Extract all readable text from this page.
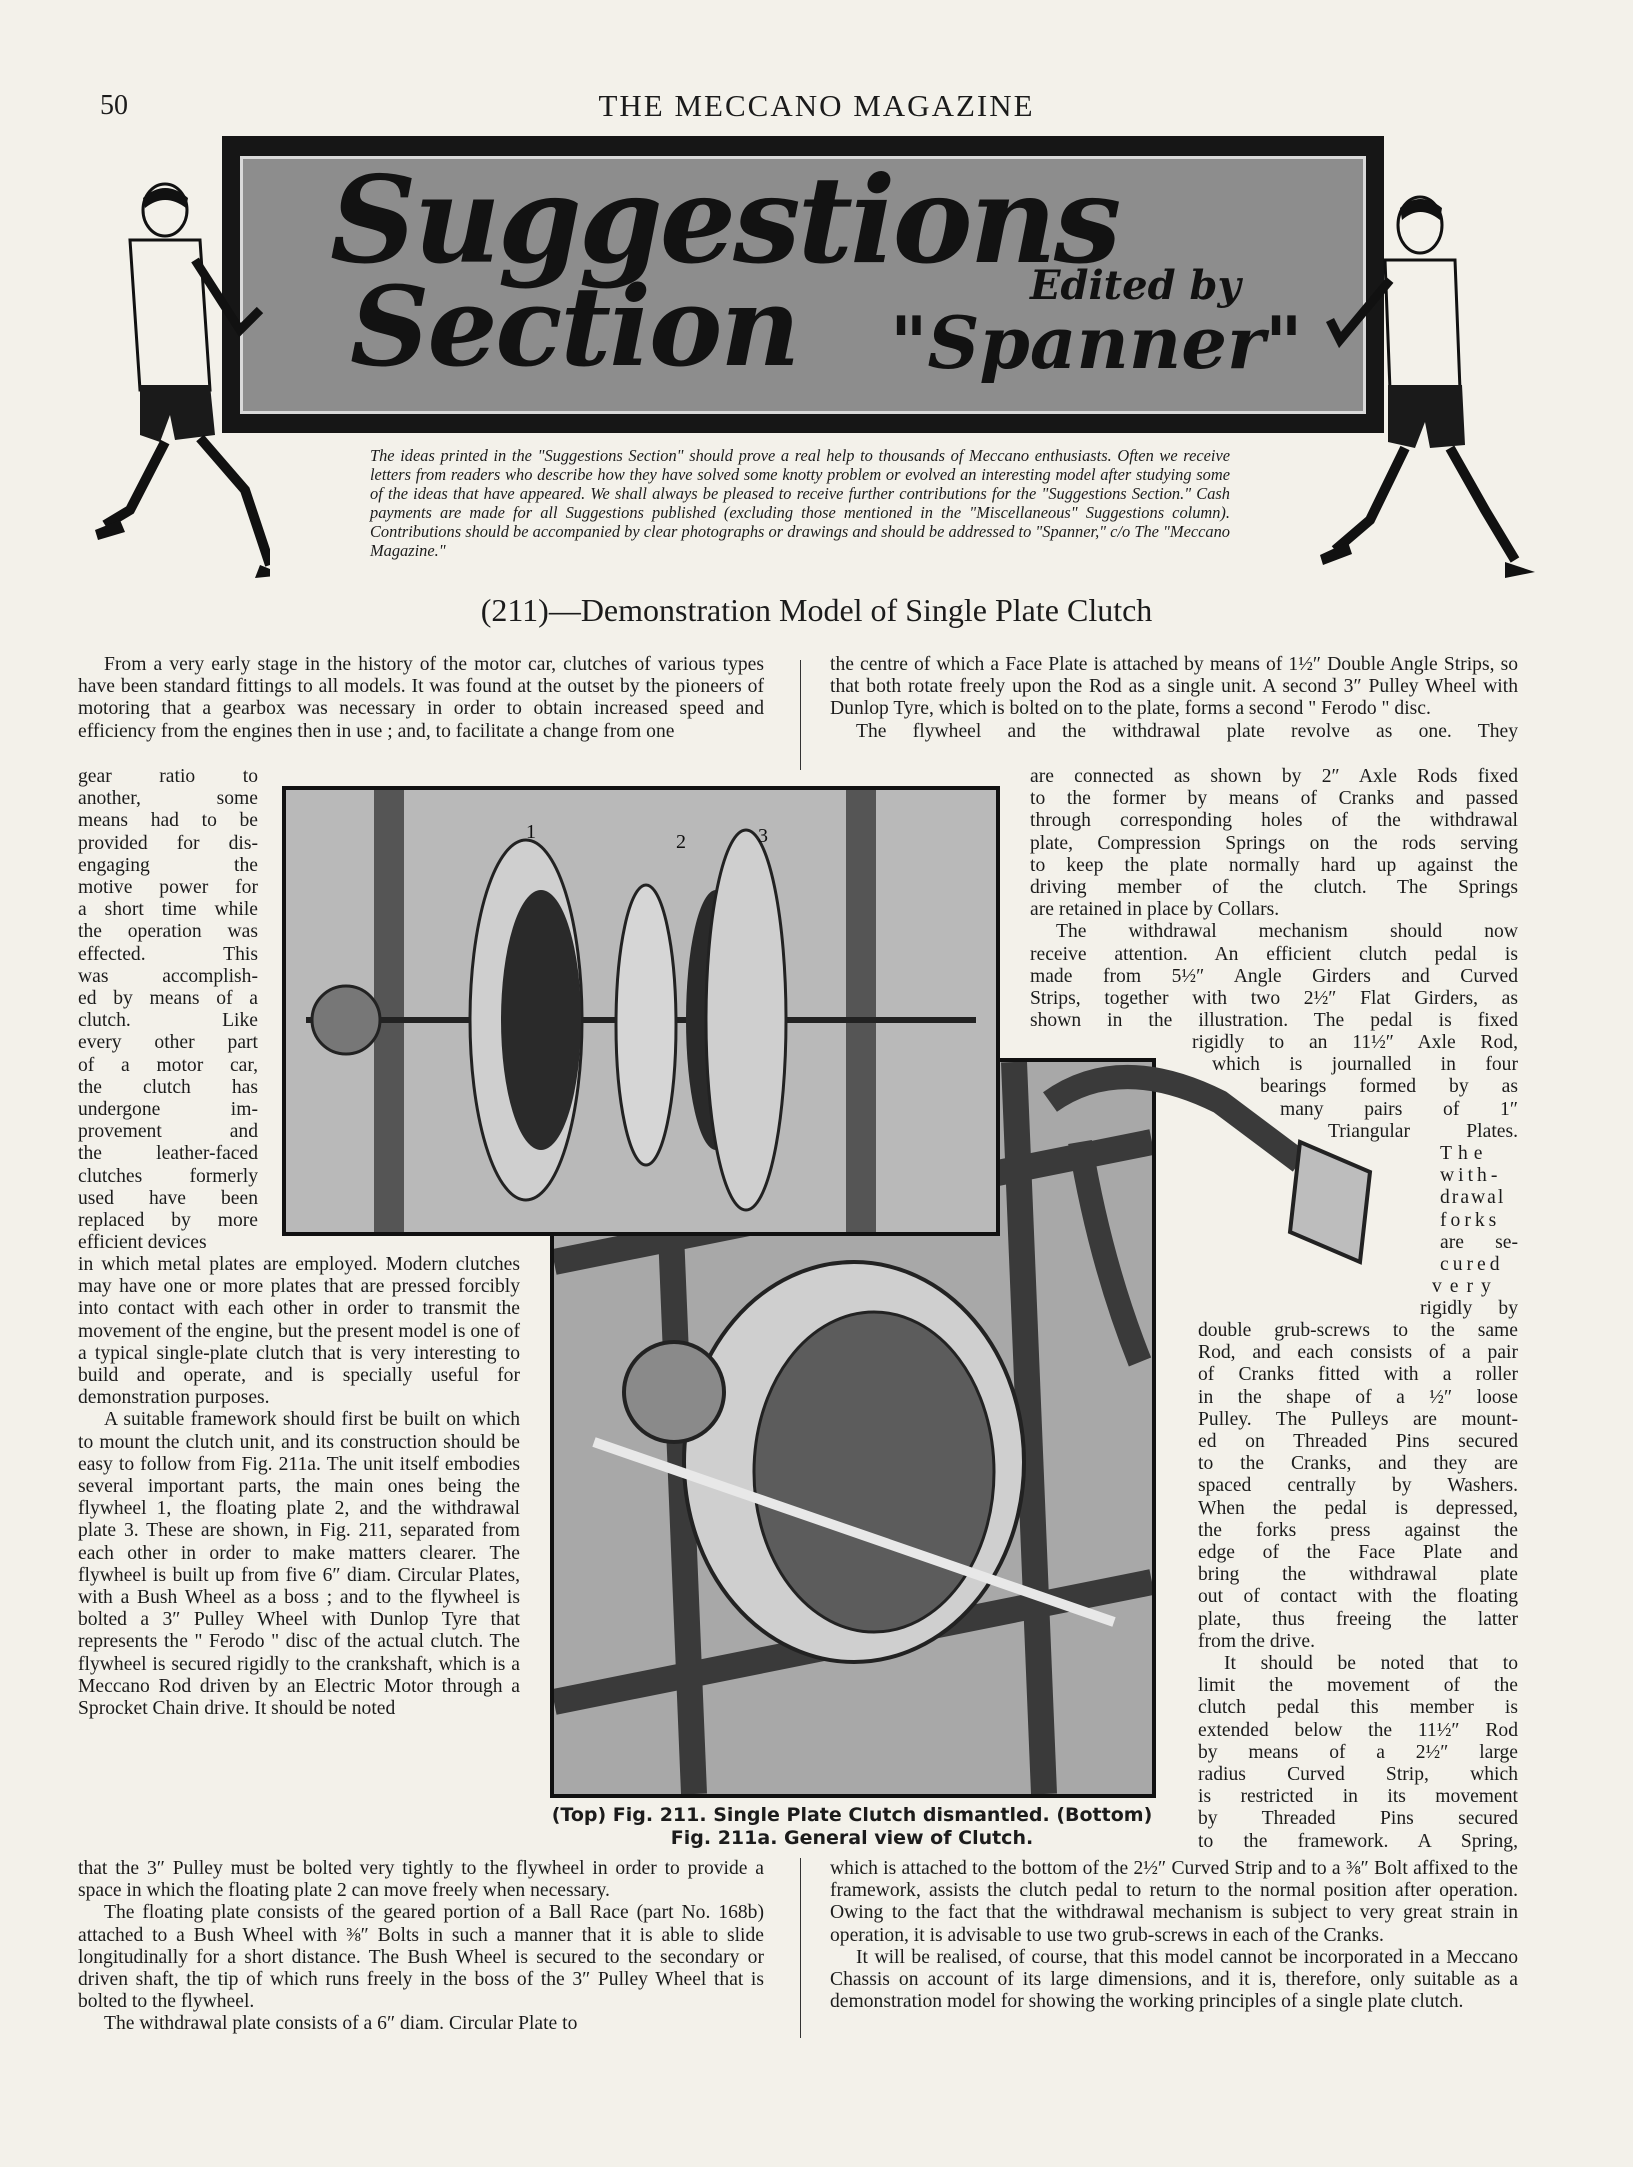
50	THE MECCANO MAGAZINE
Suggestions
Section	Edited by
"Spanner"
The ideas printed in the "Suggestions Section" should prove a real help to thousands of Meccano enthusiasts. Often we receive letters from readers who describe how they have solved some knotty problem or evolved an interesting model after studying some of the ideas that have appeared. We shall always be pleased to receive further contributions for the "Suggestions Section." Cash payments are made for all Suggestions published (excluding those mentioned in the "Miscellaneous" Suggestions column). Contributions should be accompanied by clear photographs or drawings and should be addressed to "Spanner," c/o The "Meccano Magazine."
(211)—Demonstration Model of Single Plate Clutch

From a very early stage in the history of the motor car, clutches of various types have been standard fittings to all models. It was found at the outset by the pioneers of motoring that a gearbox was necessary in order to obtain increased speed and efficiency from the engines then in use ; and, to facilitate a change from one

gear ratio to
another, some
means had to be
provided for dis-
engaging the
motive power for
a short time while
the operation was
effected. This
was accomplish-
ed by means of a
clutch. Like
every other part
of a motor car,
the clutch has
undergone im-
provement and
the leather-faced
clutches formerly
used have been
replaced by more
efficient devices

in which metal plates are employed. Modern clutches may have one or more plates that are pressed forcibly into contact with each other in order to transmit the movement of the engine, but the present model is one of a typical single-plate clutch that is very interesting to build and operate, and is specially useful for demonstration purposes.

A suitable framework should first be built on which to mount the clutch unit, and its construction should be easy to follow from Fig. 211a. The unit itself embodies several important parts, the main ones being the flywheel 1, the floating plate 2, and the withdrawal plate 3. These are shown, in Fig. 211, separated from each other in order to make matters clearer. The flywheel is built up from five 6″ diam. Circular Plates, with a Bush Wheel as a boss ; and to the flywheel is bolted a 3″ Pulley Wheel with Dunlop Tyre that represents the " Ferodo " disc of the actual clutch. The flywheel is secured rigidly to the crankshaft, which is a Meccano Rod driven by an Electric Motor through a Sprocket Chain drive. It should be noted

that the 3″ Pulley must be bolted very tightly to the flywheel in order to provide a space in which the floating plate 2 can move freely when necessary.

The floating plate consists of the geared portion of a Ball Race (part No. 168b) attached to a Bush Wheel with ⅜″ Bolts in such a manner that it is able to slide longitudinally for a short distance. The Bush Wheel is secured to the secondary or driven shaft, the tip of which runs freely in the boss of the 3″ Pulley Wheel that is bolted to the flywheel.

The withdrawal plate consists of a 6″ diam. Circular Plate to

the centre of which a Face Plate is attached by means of 1½″ Double Angle Strips, so that both rotate freely upon the Rod as a single unit. A second 3″ Pulley Wheel with Dunlop Tyre, which is bolted on to the plate, forms a second " Ferodo " disc.

The flywheel and the withdrawal plate revolve as one. They

are connected as shown by 2″ Axle Rods fixed
to the former by means of Cranks and passed
through corresponding holes of the withdrawal
plate, Compression Springs on the rods serving
to keep the plate normally hard up against the
driving member of the clutch. The Springs
are retained in place by Collars.
The withdrawal mechanism should now
receive attention. An efficient clutch pedal is
made from 5½″ Angle Girders and Curved
Strips, together with two 2½″ Flat Girders, as
shown in the illustration. The pedal is fixed
rigidly to an 11½″ Axle Rod,
which is journalled in four
bearings formed by as
many pairs of 1″
Triangular Plates.
The
with-
drawal
forks
are se-
cured
very
rigidly by
double grub-screws to the same
Rod, and each consists of a pair
of Cranks fitted with a roller
in the shape of a ½″ loose
Pulley. The Pulleys are mount-
ed on Threaded Pins secured
to the Cranks, and they are
spaced centrally by Washers.
When the pedal is depressed,
the forks press against the
edge of the Face Plate and
bring the withdrawal plate
out of contact with the floating
plate, thus freeing the latter
from the drive.
It should be noted that to
limit the movement of the
clutch pedal this member is
extended below the 11½″ Rod
by means of a 2½″ large
radius Curved Strip, which
is restricted in its movement
by Threaded Pins secured
to the framework. A Spring,

which is attached to the bottom of the 2½″ Curved Strip and to a ⅜″ Bolt affixed to the framework, assists the clutch pedal to return to the normal position after operation. Owing to the fact that the withdrawal mechanism is subject to very great strain in operation, it is advisable to use two grub-screws in each of the Cranks.

It will be realised, of course, that this model cannot be incorporated in a Meccano Chassis on account of its large dimensions, and it is, therefore, only suitable as a demonstration model for showing the working principles of a single plate clutch.

1	2	3
(Top) Fig. 211. Single Plate Clutch dismantled. (Bottom)
Fig. 211a. General view of Clutch.
